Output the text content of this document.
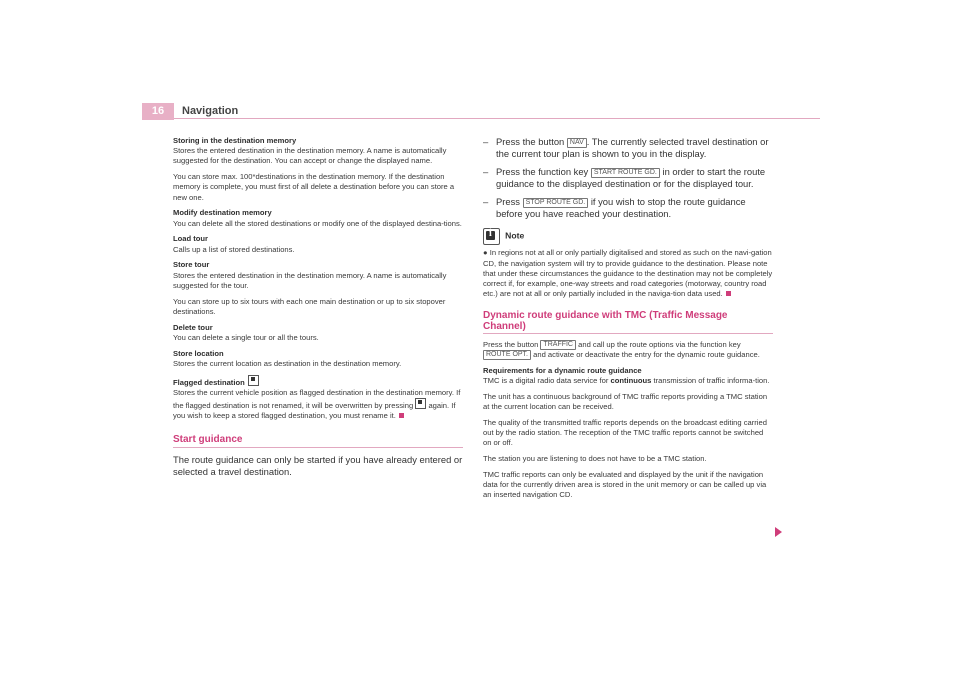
16	Navigation

Storing in the destination memory
Stores the entered destination in the destination memory. A name is automatically suggested for the destination. You can accept or change the displayed name.

You can store max. 100*destinations in the destination memory. If the destination memory is complete, you must first of all delete a destination before you can store a new one.

Modify destination memory
You can delete all the stored destinations or modify one of the displayed destina-tions.

Load tour
Calls up a list of stored destinations.

Store tour
Stores the entered destination in the destination memory. A name is automatically suggested for the tour.

You can store up to six tours with each one main destination or up to six stopover destinations.

Delete tour
You can delete a single tour or all the tours.

Store location
Stores the current location as destination in the destination memory.

Flagged destination
Stores the current vehicle position as flagged destination in the destination memory. If the flagged destination is not renamed, it will be overwritten by pressing again. If you wish to keep a stored flagged destination, you must rename it.

Start guidance
The route guidance can only be started if you have already entered or selected a travel destination.
– Press the button NAV . The currently selected travel destination or the current tour plan is shown to you in the display.
– Press the function key START ROUTE GD. in order to start the route guidance to the displayed destination or for the displayed tour.
– Press STOP ROUTE GD. if you wish to stop the route guidance before you have reached your destination.
i Note

● In regions not at all or only partially digitalised and stored as such on the navi-gation CD, the navigation system will try to provide guidance to the destination. Please note that under these circumstances the guidance to the destination may not be completely correct if, for example, one-way streets and road categories (motorway, country road etc.) are not at all or only partially included in the naviga-tion data used.

Dynamic route guidance with TMC (Traffic Message Channel)

Press the button TRAFFIC and call up the route options via the function key ROUTE OPT. and activate or deactivate the entry for the dynamic route guidance.

Requirements for a dynamic route guidance
TMC is a digital radio data service for continuous transmission of traffic informa-tion.

The unit has a continuous background of TMC traffic reports providing a TMC station at the current location can be received.

The quality of the transmitted traffic reports depends on the broadcast editing carried out by the radio station. The reception of the TMC traffic reports cannot be switched on or off.

The station you are listening to does not have to be a TMC station.

TMC traffic reports can only be evaluated and displayed by the unit if the navigation data for the currently driven area is stored in the unit memory or can be called up via an inserted navigation CD.
